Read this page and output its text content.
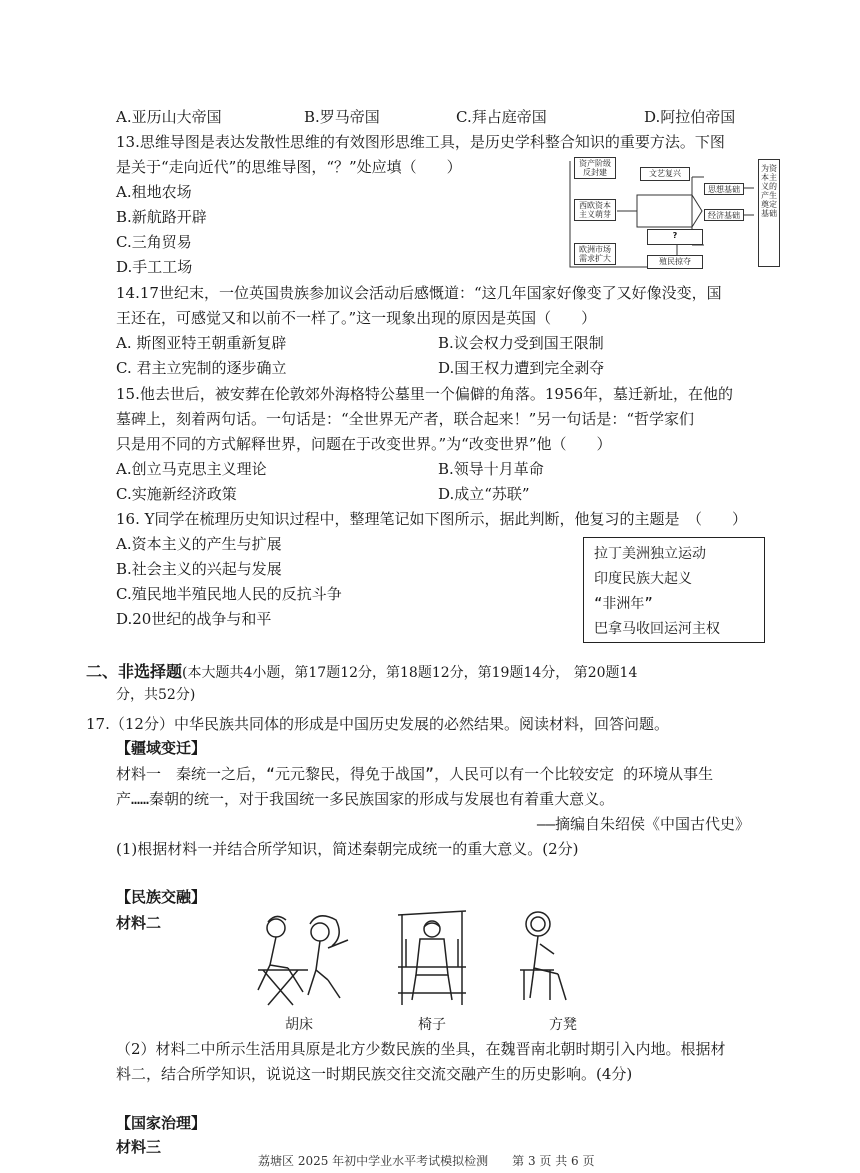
A.亚历山大帝国	B.罗马帝国	C.拜占庭帝国	D.阿拉伯帝国
13.思维导图是表达发散性思维的有效图形思维工具，是历史学科整合知识的重要方法。下图
是关于“走向近代”的思维导图，“？”处应填（　　）
A.租地农场
B.新航路开辟
C.三角贸易
D.手工工场
资产阶级反封建
西欧资本主义萌芽
欧洲市场需求扩大
文艺复兴
?
殖民掠夺
思想基础
经济基础
为资本主义的产生奠定基础
14.17世纪末，一位英国贵族参加议会活动后感慨道：“这几年国家好像变了又好像没变，国
王还在，可感觉又和以前不一样了。”这一现象出现的原因是英国（　　）
A. 斯图亚特王朝重新复辟	B.议会权力受到国王限制
C. 君主立宪制的逐步确立	D.国王权力遭到完全剥夺
15.他去世后，被安葬在伦敦郊外海格特公墓里一个偏僻的角落。1956年，墓迁新址，在他的
墓碑上，刻着两句话。一句话是：“全世界无产者，联合起来！”另一句话是：“哲学家们
只是用不同的方式解释世界，问题在于改变世界。”为“改变世界”他（　　）
A.创立马克思主义理论	B.领导十月革命
C.实施新经济政策	D.成立“苏联”
16. Y同学在梳理历史知识过程中，整理笔记如下图所示，据此判断，他复习的主题是　（　　）
A.资本主义的产生与扩展
B.社会主义的兴起与发展
C.殖民地半殖民地人民的反抗斗争
D.20世纪的战争与和平
拉丁美洲独立运动
印度民族大起义
“非洲年”
巴拿马收回运河主权
二、非选择题(本大题共4小题，第17题12分，第18题12分，第19题14分， 第20题14
分，共52分)
17.（12分）中华民族共同体的形成是中国历史发展的必然结果。阅读材料，回答问题。
【疆域变迁】
材料一　秦统一之后，“元元黎民，得免于战国”，人民可以有一个比较安定 的环境从事生
产……秦朝的统一，对于我国统一多民族国家的形成与发展也有着重大意义。
——摘编自朱绍侯《中国古代史》
(1)根据材料一并结合所学知识，简述秦朝完成统一的重大意义。(2分)
【民族交融】
材料二
胡床	椅子	方凳
（2）材料二中所示生活用具原是北方少数民族的坐具，在魏晋南北朝时期引入内地。根据材
料二，结合所学知识，说说这一时期民族交往交流交融产生的历史影响。(4分)
【国家治理】
材料三
荔塘区 2025 年初中学业水平考试模拟检测　　第 3 页 共 6 页
